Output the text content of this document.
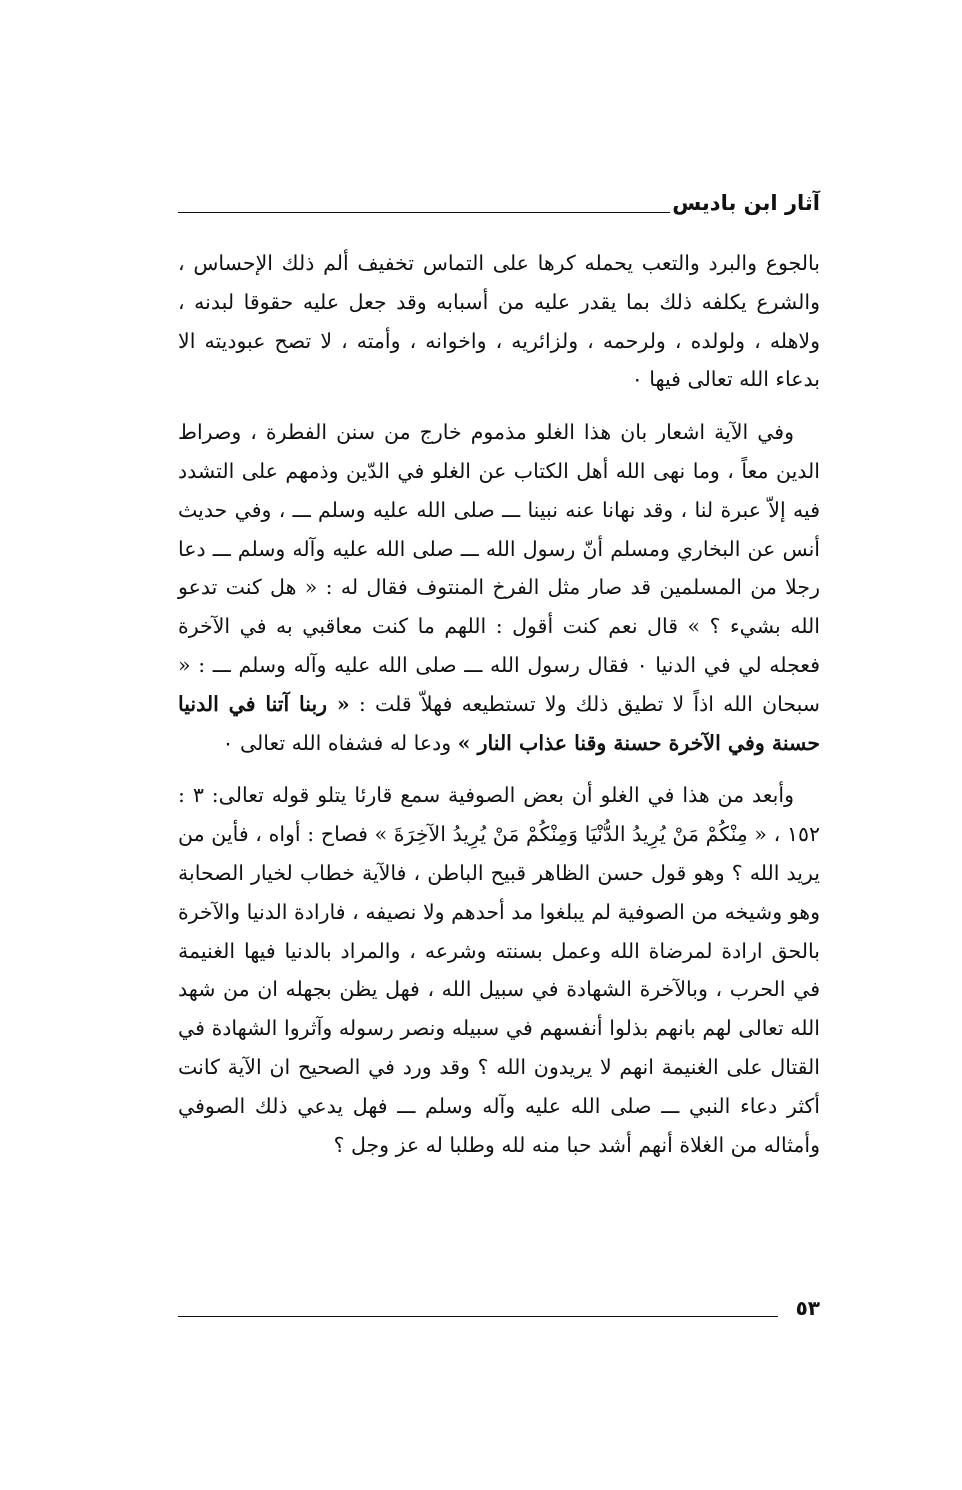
آثار ابن باديس

بالجوع والبرد والتعب يحمله كرها على التماس تخفيف ألم ذلك الإحساس ، والشرع يكلفه ذلك بما يقدر عليه من أسبابه وقد جعل عليه حقوقا لبدنه ، ولاهله ، ولولده ، ولرحمه ، ولزائريه ، واخوانه ، وأمته ، لا تصح عبوديته الا بدعاء الله تعالى فيها ٠

وفي الآية اشعار بان هذا الغلو مذموم خارج من سنن الفطرة ، وصراط الدين معاً ، وما نهى الله أهل الكتاب عن الغلو في الدّين وذمهم على التشدد فيه إلاّ عبرة لنا ، وقد نهانا عنه نبينا ـــ صلى الله عليه وسلم ـــ ، وفي حديث أنس عن البخاري ومسلم أنّ رسول الله ـــ صلى الله عليه وآله وسلم ـــ دعا رجلا من المسلمين قد صار مثل الفرخ المنتوف فقال له : « هل كنت تدعو الله بشيء ؟ » قال نعم كنت أقول : اللهم ما كنت معاقبي به في الآخرة فعجله لي في الدنيا ٠ فقال رسول الله ـــ صلى الله عليه وآله وسلم ـــ : « سبحان الله اذاً لا تطيق ذلك ولا تستطيعه فهلاّ قلت : « ربنا آتنا في الدنيا حسنة وفي الآخرة حسنة وقنا عذاب النار » ودعا له فشفاه الله تعالى ٠

وأبعد من هذا في الغلو أن بعض الصوفية سمع قارئا يتلو قوله تعالى: ٣ : ١٥٢ ، « مِنْكُمْ مَنْ يُرِيدُ الدُّنْيَا وَمِنْكُمْ مَنْ يُرِيدُ الآخِرَةَ » فصاح : أواه ، فأين من يريد الله ؟ وهو قول حسن الظاهر قبيح الباطن ، فالآية خطاب لخيار الصحابة وهو وشيخه من الصوفية لم يبلغوا مد أحدهم ولا نصيفه ، فارادة الدنيا والآخرة بالحق ارادة لمرضاة الله وعمل بسنته وشرعه ، والمراد بالدنيا فيها الغنيمة في الحرب ، وبالآخرة الشهادة في سبيل الله ، فهل يظن بجهله ان من شهد الله تعالى لهم بانهم بذلوا أنفسهم في سبيله ونصر رسوله وآثروا الشهادة في القتال على الغنيمة انهم لا يريدون الله ؟ وقد ورد في الصحيح ان الآية كانت أكثر دعاء النبي ـــ صلى الله عليه وآله وسلم ـــ فهل يدعي ذلك الصوفي وأمثاله من الغلاة أنهم أشد حبا منه لله وطلبا له عز وجل ؟

٥٣
